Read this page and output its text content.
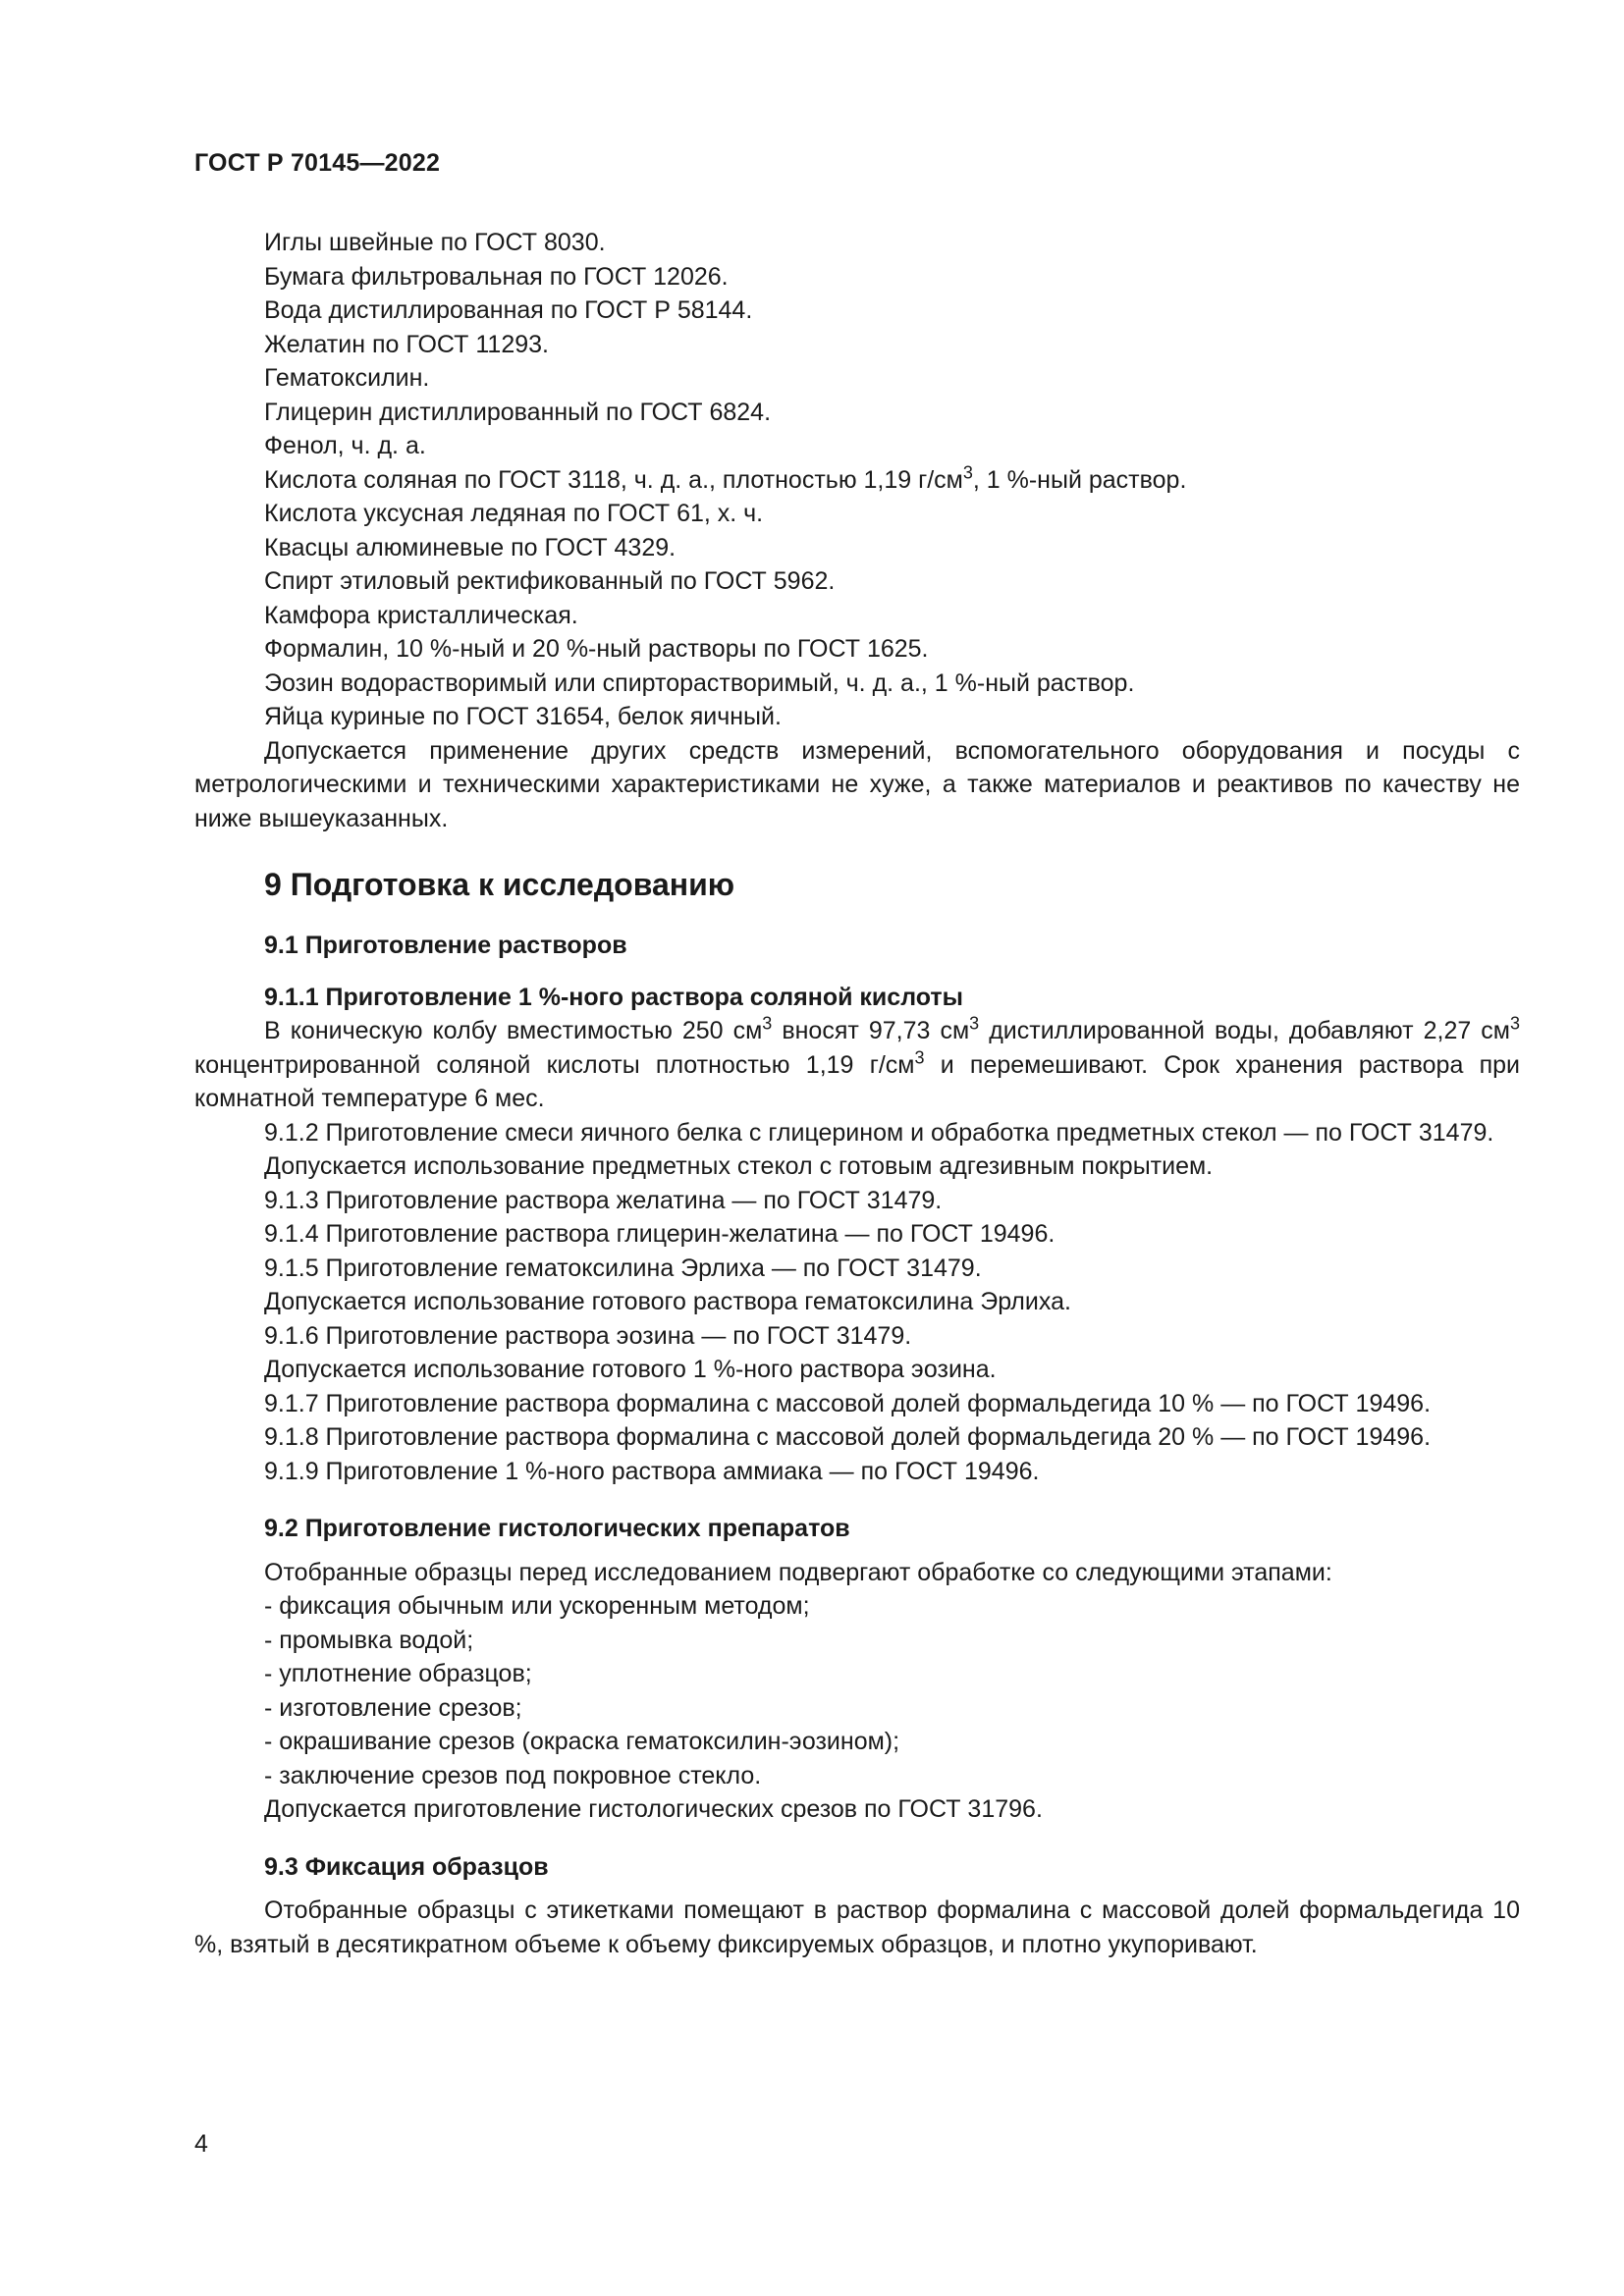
ГОСТ Р 70145—2022

Иглы швейные по ГОСТ 8030.

Бумага фильтровальная по ГОСТ 12026.

Вода дистиллированная по ГОСТ Р 58144.

Желатин по ГОСТ 11293.

Гематоксилин.

Глицерин дистиллированный по ГОСТ 6824.

Фенол, ч. д. а.

Кислота соляная по ГОСТ 3118, ч. д. а., плотностью 1,19 $г/см^3$, 1 %-ный раствор.

Кислота уксусная ледяная по ГОСТ 61, х. ч.

Квасцы алюминевые по ГОСТ 4329.

Спирт этиловый ректификованный по ГОСТ 5962.

Камфора кристаллическая.

Формалин, 10 %-ный и 20 %-ный растворы по ГОСТ 1625.

Эозин водорастворимый или спирторастворимый, ч. д. а., 1 %-ный раствор.

Яйца куриные по ГОСТ 31654, белок яичный.

Допускается применение других средств измерений, вспомогательного оборудования и посуды с метрологическими и техническими характеристиками не хуже, а также материалов и реактивов по качеству не ниже вышеуказанных.

9 Подготовка к исследованию

9.1 Приготовление растворов

9.1.1 Приготовление 1 %-ного раствора соляной кислоты

В коническую колбу вместимостью 250 $см^3$ вносят 97,73 $см^3$ дистиллированной воды, добавляют 2,27 $см^3$ концентрированной соляной кислоты плотностью 1,19 $г/см^3$ и перемешивают. Срок хранения раствора при комнатной температуре 6 мес.

9.1.2 Приготовление смеси яичного белка с глицерином и обработка предметных стекол — по ГОСТ 31479.

Допускается использование предметных стекол с готовым адгезивным покрытием.

9.1.3 Приготовление раствора желатина — по ГОСТ 31479.

9.1.4 Приготовление раствора глицерин-желатина — по ГОСТ 19496.

9.1.5 Приготовление гематоксилина Эрлиха — по ГОСТ 31479.

Допускается использование готового раствора гематоксилина Эрлиха.

9.1.6 Приготовление раствора эозина — по ГОСТ 31479.

Допускается использование готового 1 %-ного раствора эозина.

9.1.7 Приготовление раствора формалина с массовой долей формальдегида 10 % — по ГОСТ 19496.

9.1.8 Приготовление раствора формалина с массовой долей формальдегида 20 % — по ГОСТ 19496.

9.1.9 Приготовление 1 %-ного раствора аммиака — по ГОСТ 19496.

9.2 Приготовление гистологических препаратов

Отобранные образцы перед исследованием подвергают обработке со следующими этапами:

- фиксация обычным или ускоренным методом;

- промывка водой;

- уплотнение образцов;

- изготовление срезов;

- окрашивание срезов (окраска гематоксилин-эозином);

- заключение срезов под покровное стекло.

Допускается приготовление гистологических срезов по ГОСТ 31796.

9.3 Фиксация образцов

Отобранные образцы с этикетками помещают в раствор формалина с массовой долей формальдегида 10 %, взятый в десятикратном объеме к объему фиксируемых образцов, и плотно укупоривают.

4
